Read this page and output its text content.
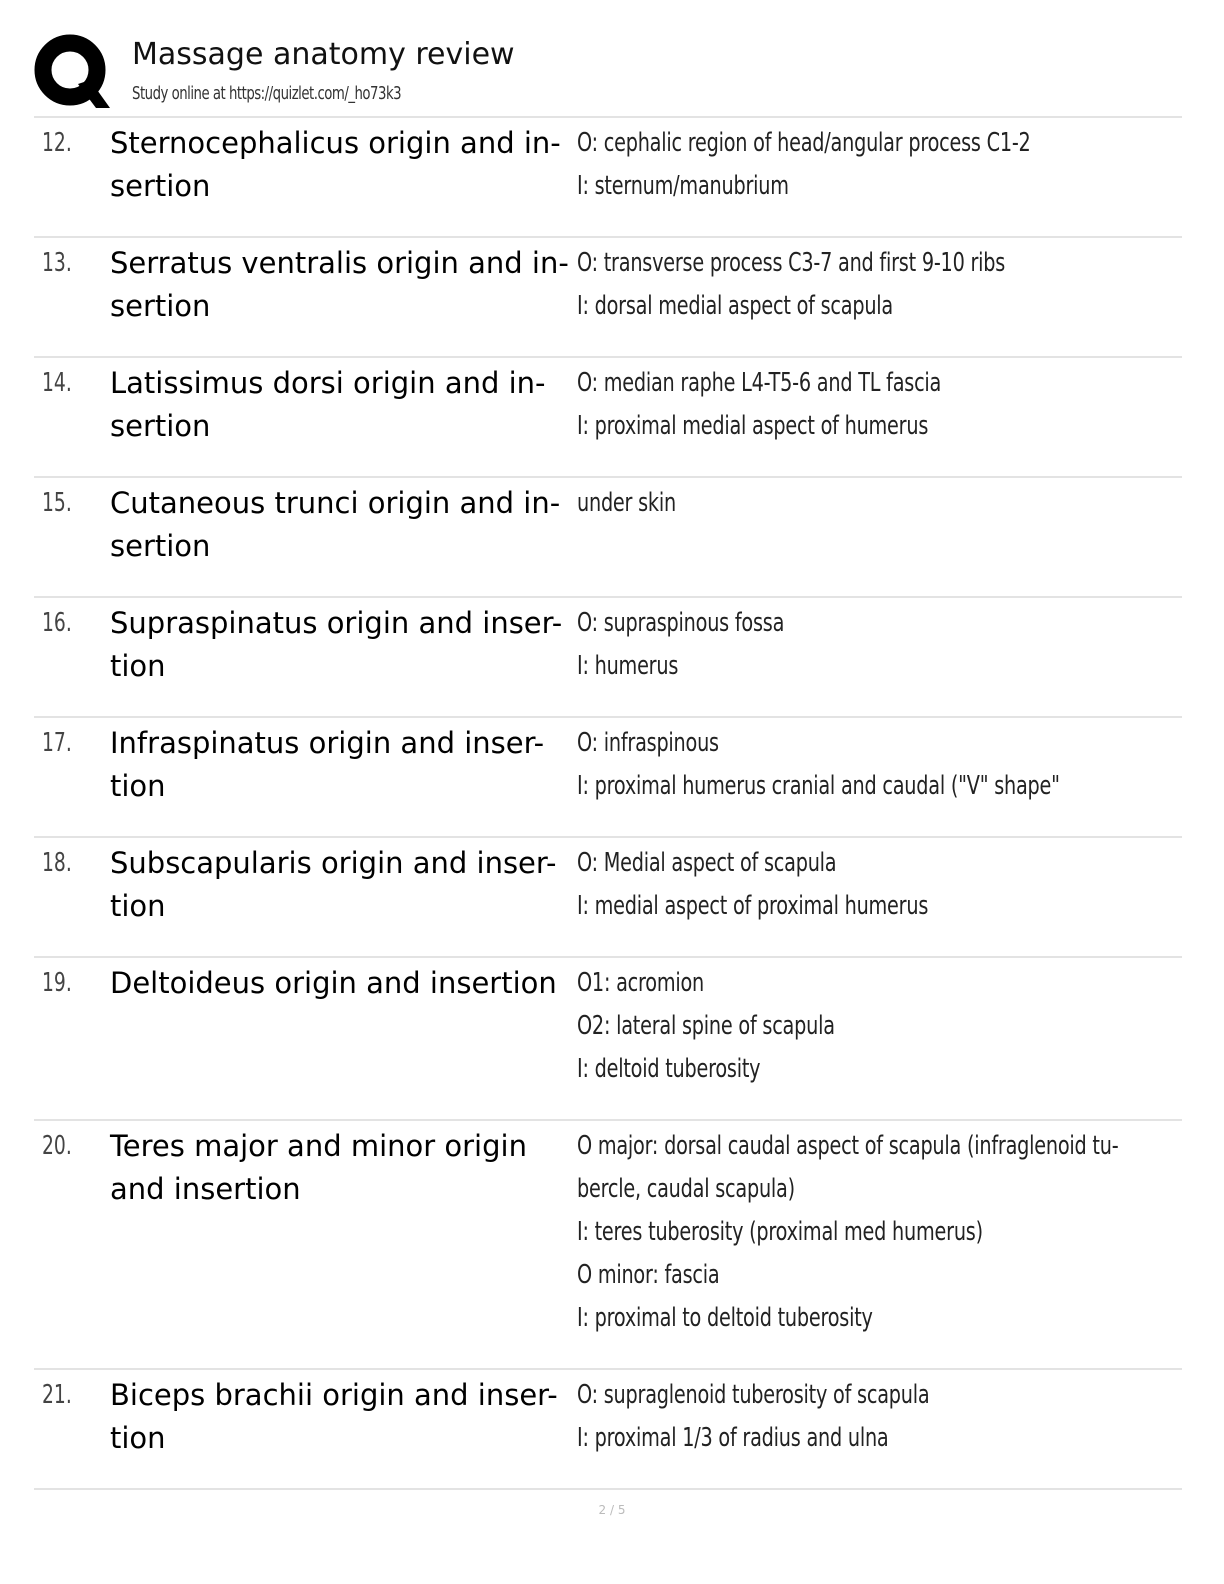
Massage anatomy review
Study online at https://quizlet.com/_ho73k3
12. Sternocephalicus origin and in-
sertion
O: cephalic region of head/angular process C1-2
I: sternum/manubrium
13. Serratus ventralis origin and in-
sertion
O: transverse process C3-7 and first 9-10 ribs
I: dorsal medial aspect of scapula
14. Latissimus dorsi origin and in-
sertion
O: median raphe L4-T5-6 and TL fascia
I: proximal medial aspect of humerus
15. Cutaneous trunci origin and in-
sertion
under skin
16. Supraspinatus origin and inser-
tion
O: supraspinous fossa
I: humerus
17. Infraspinatus origin and inser-
tion
O: infraspinous
I: proximal humerus cranial and caudal ("V" shape"
18. Subscapularis origin and inser-
tion
O: Medial aspect of scapula
I: medial aspect of proximal humerus
19. Deltoideus origin and insertion O1: acromion
O2: lateral spine of scapula
I: deltoid tuberosity
20. Teres major and minor origin
and insertion
O major: dorsal caudal aspect of scapula (infraglenoid tu-
bercle, caudal scapula)
I: teres tuberosity (proximal med humerus)
O minor: fascia
I: proximal to deltoid tuberosity
21. Biceps brachii origin and inser-
tion
O: supraglenoid tuberosity of scapula
I: proximal 1/3 of radius and ulna
2 / 5
